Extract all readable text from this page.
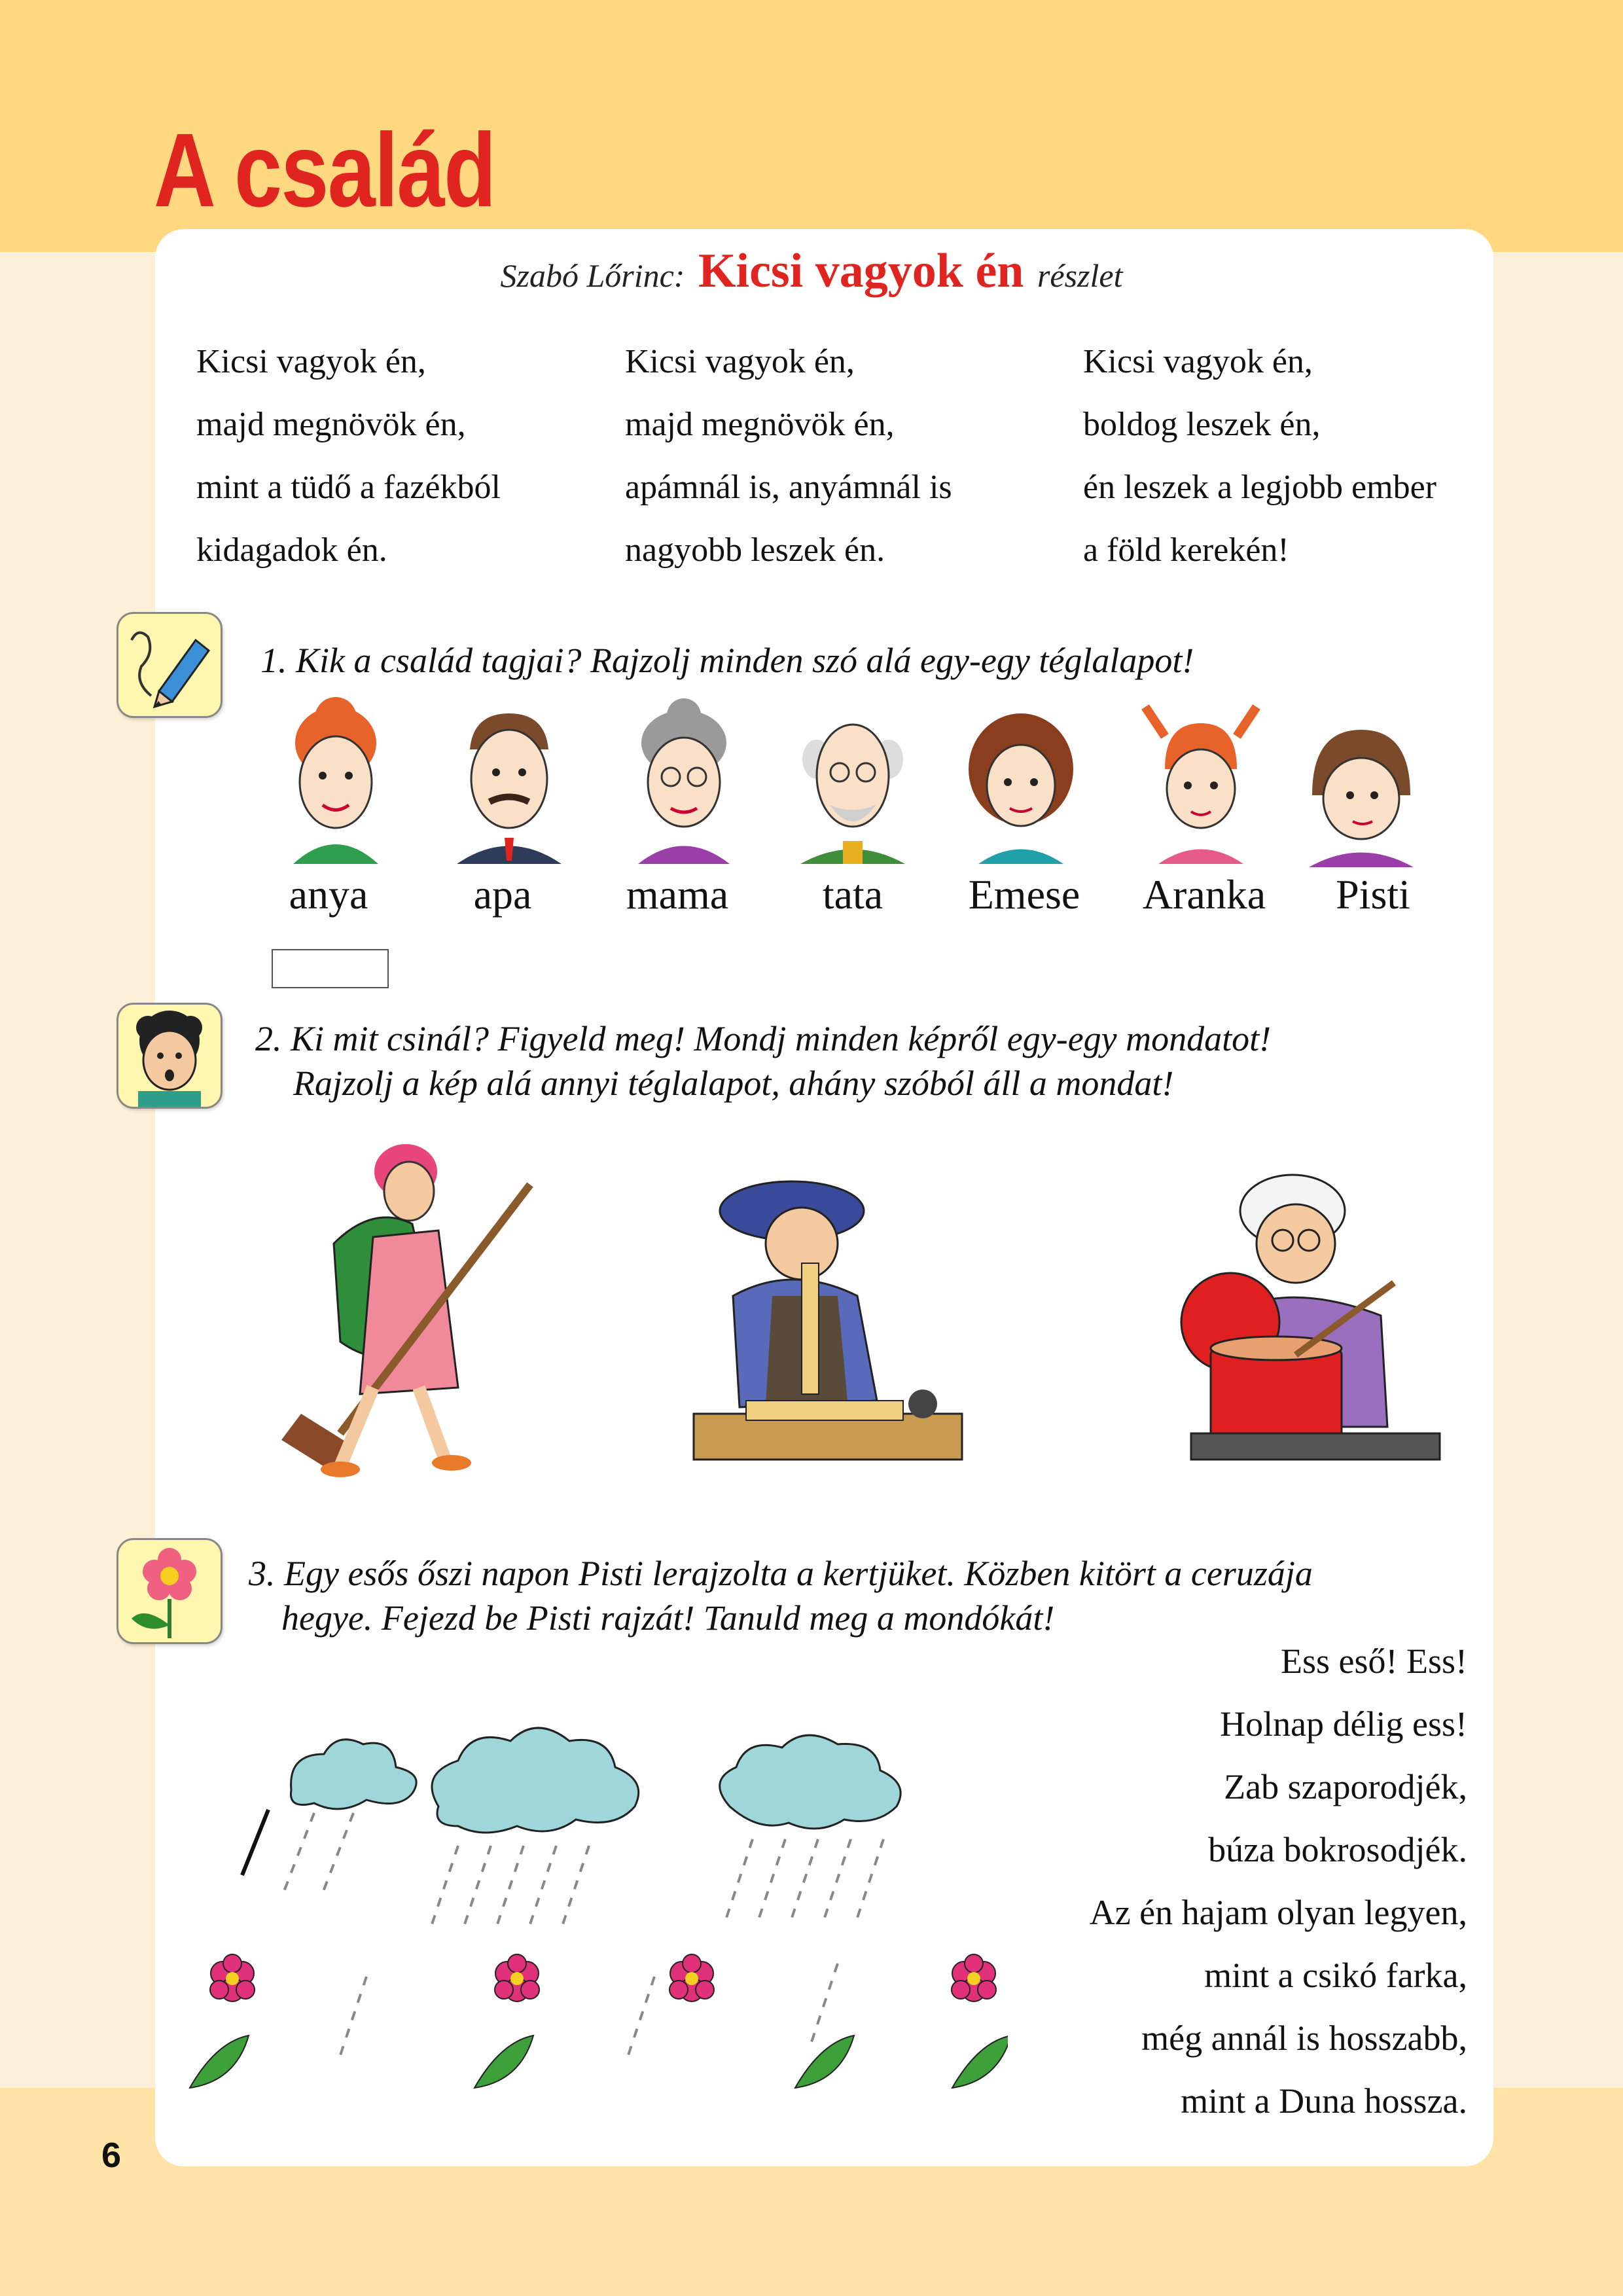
A család
6
Szabó Lőrinc: Kicsi vagyok én részlet
Kicsi vagyok én,
majd megnövök én,
mint a tüdő a fazékból
kidagadok én.
Kicsi vagyok én,
majd megnövök én,
apámnál is, anyámnál is
nagyobb leszek én.
Kicsi vagyok én,
boldog leszek én,
én leszek a legjobb ember
a föld kerekén!
1. Kik a család tagjai? Rajzolj minden szó alá egy-egy téglalapot!
anya	apa	mama	tata	Emese	Aranka	Pisti
2. Ki mit csinál? Figyeld meg! Mondj minden képről egy-egy mondatot!
Rajzolj a kép alá annyi téglalapot, ahány szóból áll a mondat!
3. Egy esős őszi napon Pisti lerajzolta a kertjüket. Közben kitört a ceruzája
hegye. Fejezd be Pisti rajzát! Tanuld meg a mondókát!
Ess eső! Ess!
Holnap délig ess!
Zab szaporodjék,
búza bokrosodjék.
Az én hajam olyan legyen,
mint a csikó farka,
még annál is hosszabb,
mint a Duna hossza.
